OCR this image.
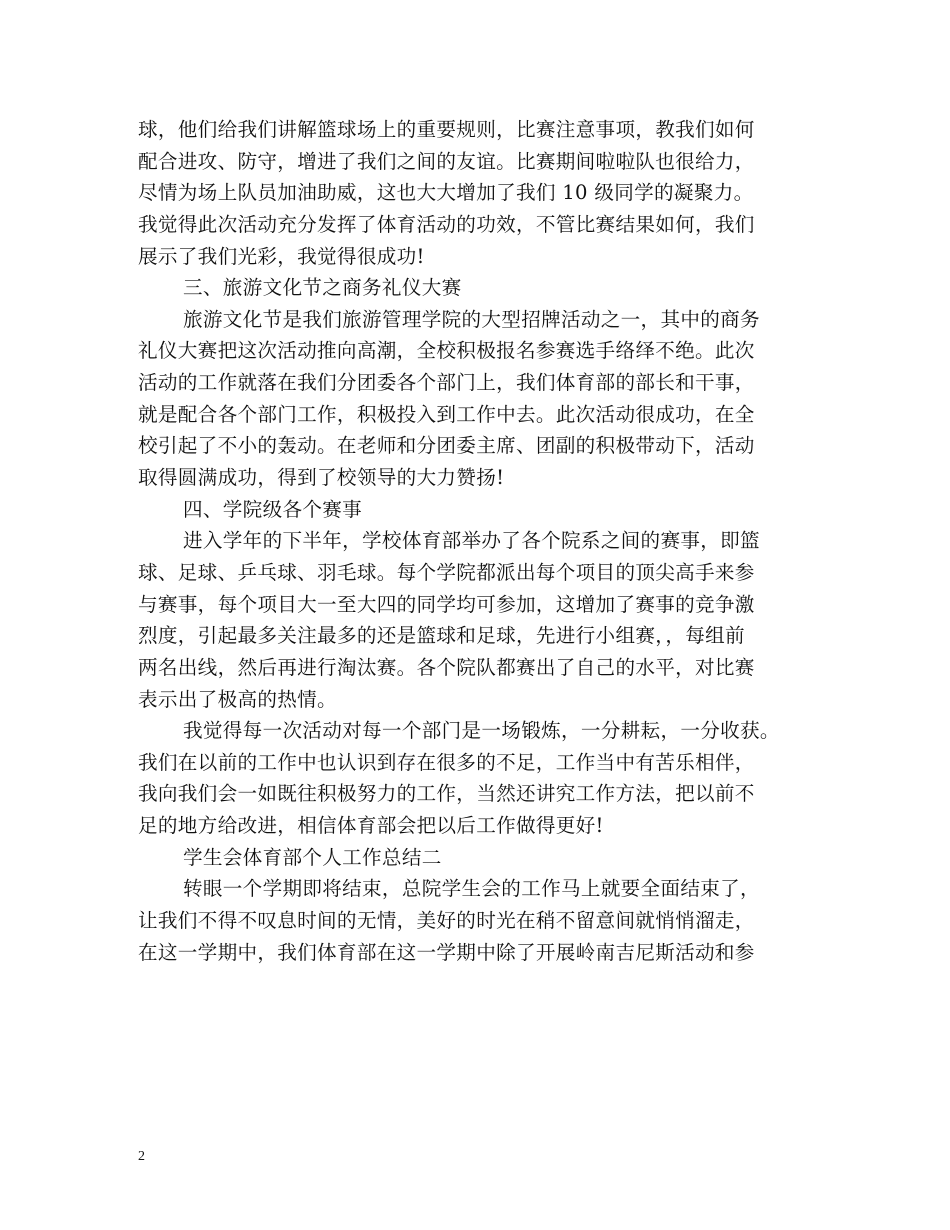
球，他们给我们讲解篮球场上的重要规则，比赛注意事项，教我们如何
配合进攻、防守，增进了我们之间的友谊。比赛期间啦啦队也很给力，
尽情为场上队员加油助威，这也大大增加了我们 10 级同学的凝聚力。
我觉得此次活动充分发挥了体育活动的功效，不管比赛结果如何，我们
展示了我们光彩，我觉得很成功!
三、旅游文化节之商务礼仪大赛
旅游文化节是我们旅游管理学院的大型招牌活动之一，其中的商务
礼仪大赛把这次活动推向高潮，全校积极报名参赛选手络绎不绝。此次
活动的工作就落在我们分团委各个部门上，我们体育部的部长和干事，
就是配合各个部门工作，积极投入到工作中去。此次活动很成功，在全
校引起了不小的轰动。在老师和分团委主席、团副的积极带动下，活动
取得圆满成功，得到了校领导的大力赞扬!
四、学院级各个赛事
进入学年的下半年，学校体育部举办了各个院系之间的赛事，即篮
球、足球、乒乓球、羽毛球。每个学院都派出每个项目的顶尖高手来参
与赛事，每个项目大一至大四的同学均可参加，这增加了赛事的竞争激
烈度，引起最多关注最多的还是篮球和足球，先进行小组赛，，每组前
两名出线，然后再进行淘汰赛。各个院队都赛出了自己的水平，对比赛
表示出了极高的热情。
我觉得每一次活动对每一个部门是一场锻炼，一分耕耘，一分收获。
我们在以前的工作中也认识到存在很多的不足，工作当中有苦乐相伴，
我向我们会一如既往积极努力的工作，当然还讲究工作方法，把以前不
足的地方给改进，相信体育部会把以后工作做得更好!
学生会体育部个人工作总结二
转眼一个学期即将结束，总院学生会的工作马上就要全面结束了，
让我们不得不叹息时间的无情，美好的时光在稍不留意间就悄悄溜走，
在这一学期中，我们体育部在这一学期中除了开展岭南吉尼斯活动和参
2
